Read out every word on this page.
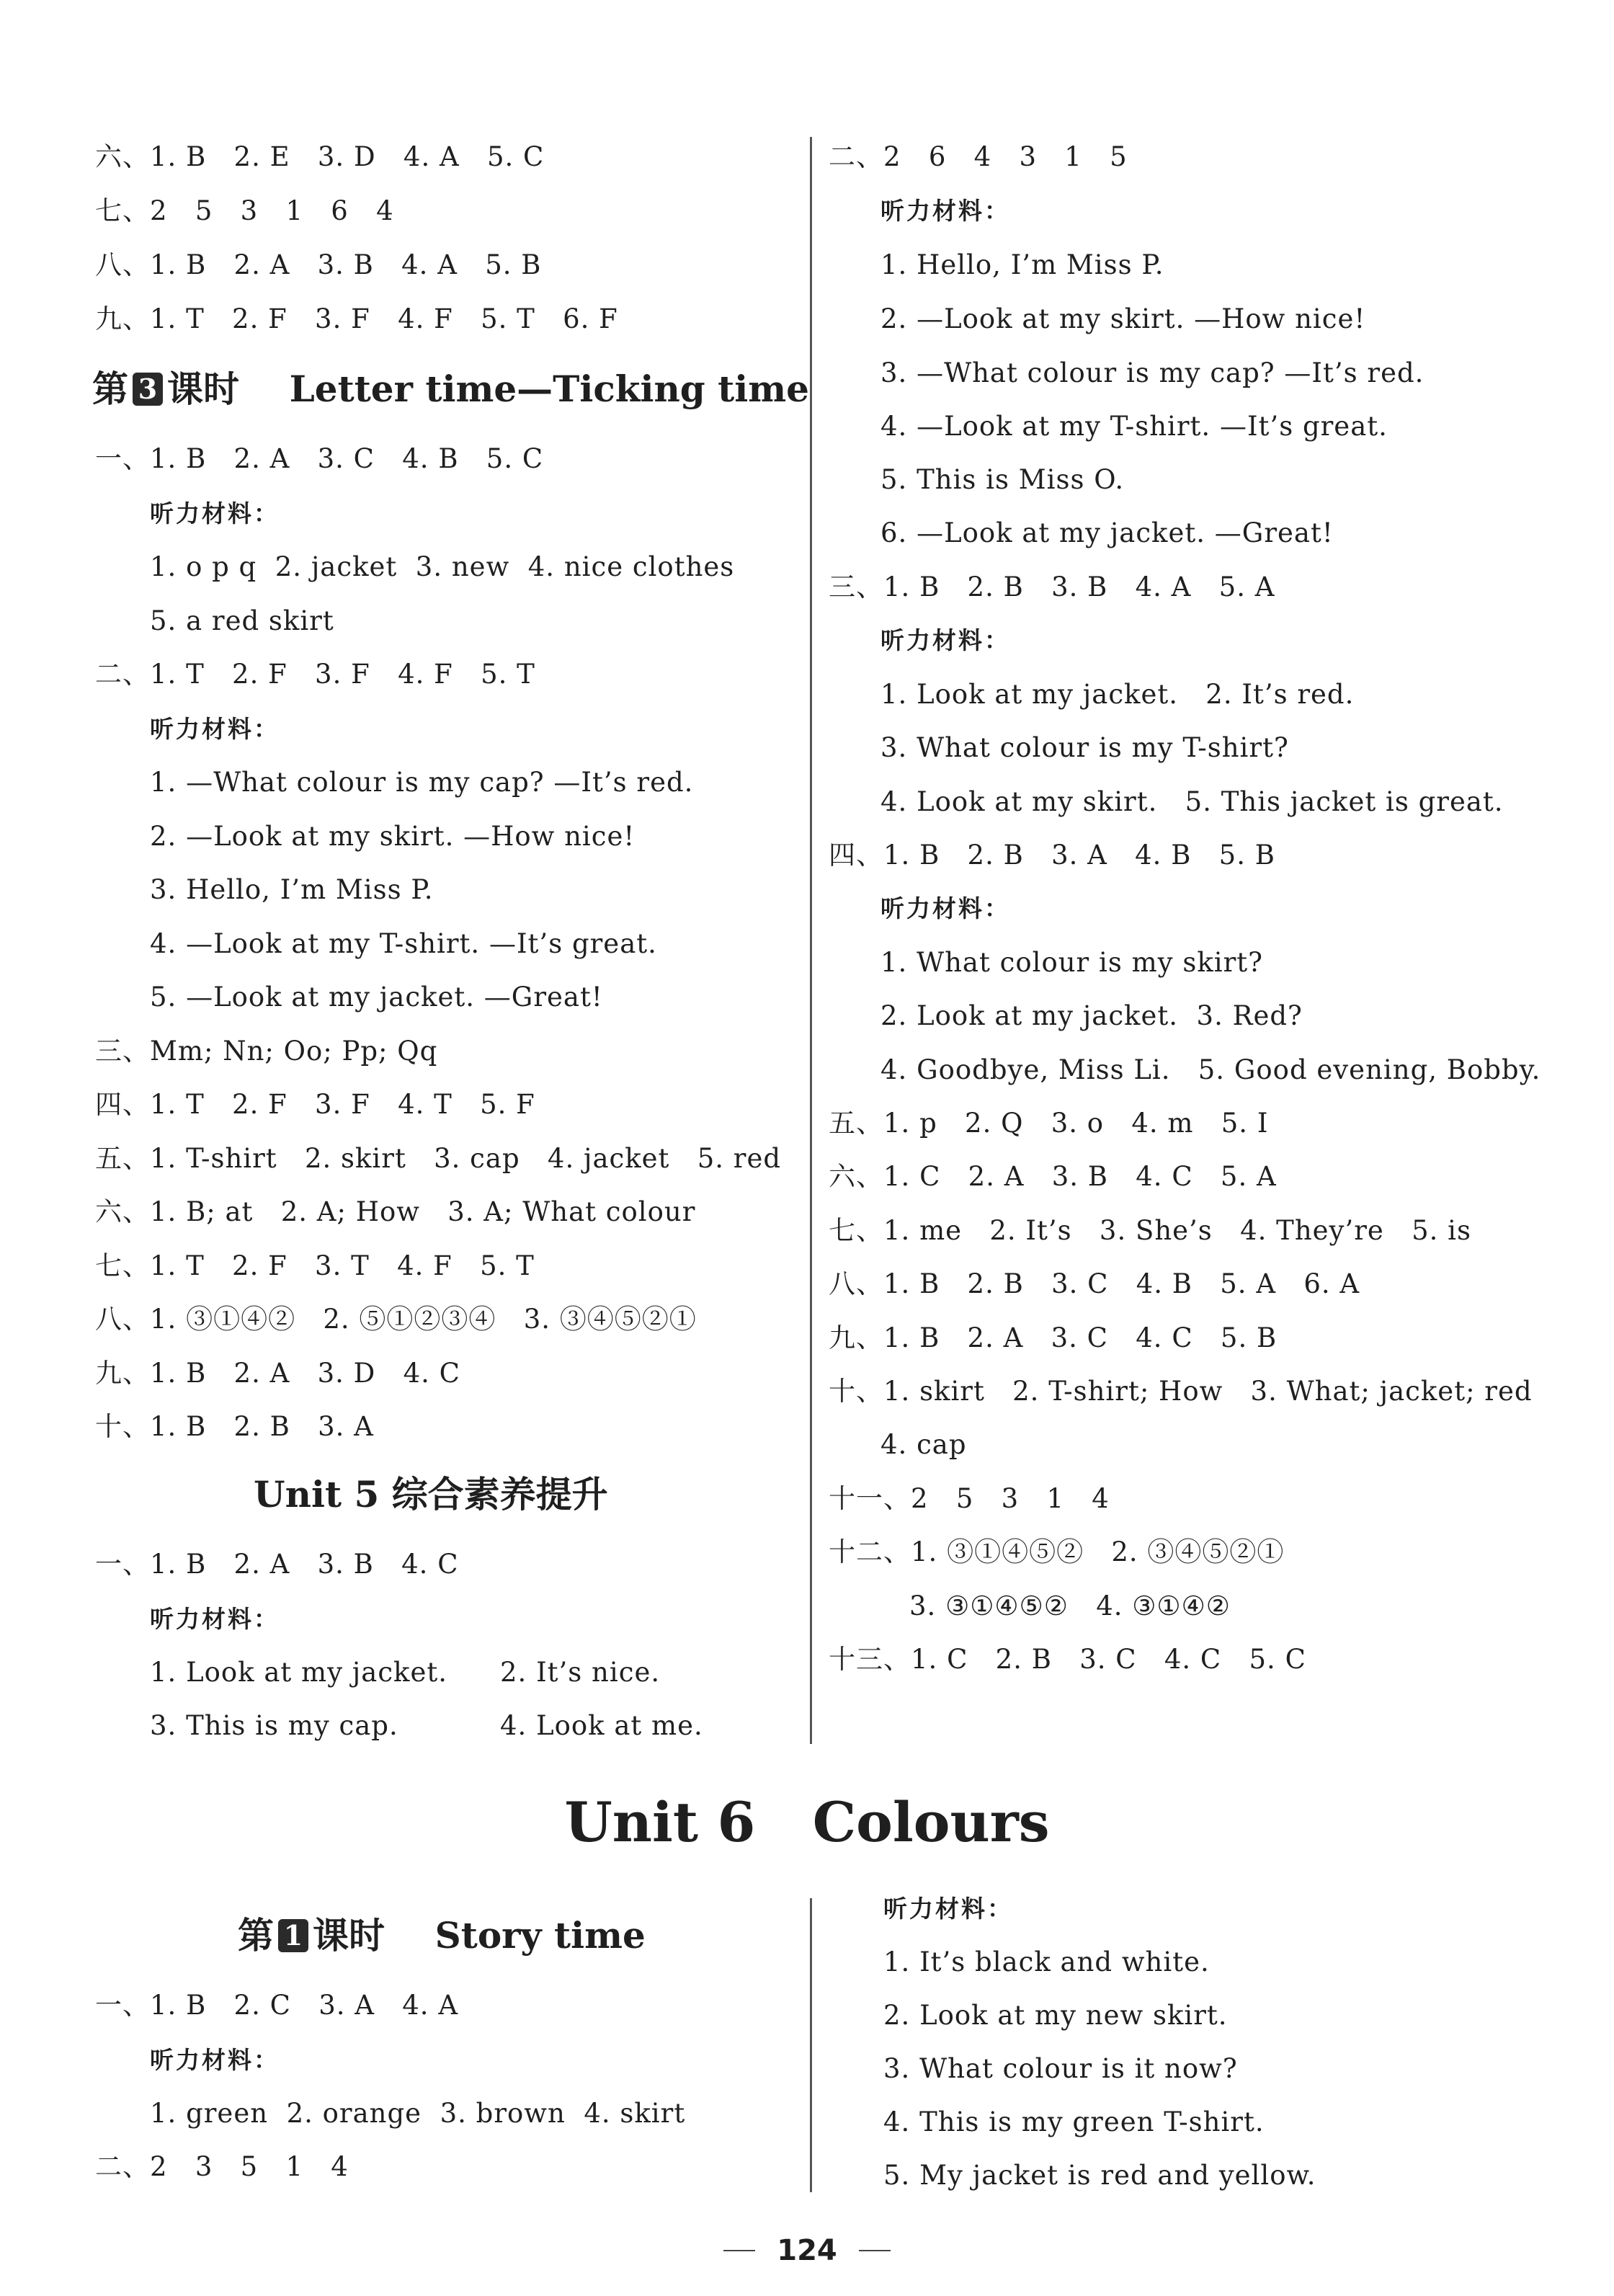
六、1. B   2. E   3. D   4. A   5. C
七、2   5   3   1   6   4
八、1. B   2. A   3. B   4. A   5. B
九、1. T   2. F   3. F   4. F   5. T   6. F
第 3 课时    Letter time—Ticking time
一、1. B   2. A   3. C   4. B   5. C
听力材料：
1. o p q  2. jacket  3. new  4. nice clothes
5. a red skirt
二、1. T   2. F   3. F   4. F   5. T
听力材料：
1. —What colour is my cap? —It’s red.
2. —Look at my skirt. —How nice!
3. Hello, I’m Miss P.
4. —Look at my T-shirt. —It’s great.
5. —Look at my jacket. —Great!
三、Mm; Nn; Oo; Pp; Qq
四、1. T   2. F   3. F   4. T   5. F
五、1. T-shirt   2. skirt   3. cap   4. jacket   5. red
六、1. B; at   2. A; How   3. A; What colour
七、1. T   2. F   3. T   4. F   5. T
八、1. ③①④②   2. ⑤①②③④   3. ③④⑤②①
九、1. B   2. A   3. D   4. C
十、1. B   2. B   3. A
Unit 5 综合素养提升
一、1. B   2. A   3. B   4. C
听力材料：
1. Look at my jacket. 2. It’s nice.
3. This is my cap.	4. Look at me.
二、2   6   4   3   1   5
听力材料：
1. Hello, I’m Miss P.
2. —Look at my skirt. —How nice!
3. —What colour is my cap? —It’s red.
4. —Look at my T-shirt. —It’s great.
5. This is Miss O.
6. —Look at my jacket. —Great!
三、1. B   2. B   3. B   4. A   5. A
听力材料：
1. Look at my jacket.   2. It’s red.
3. What colour is my T-shirt?
4. Look at my skirt.   5. This jacket is great.
四、1. B   2. B   3. A   4. B   5. B
听力材料：
1. What colour is my skirt?
2. Look at my jacket.  3. Red?
4. Goodbye, Miss Li.   5. Good evening, Bobby.
五、1. p   2. Q   3. o   4. m   5. I
六、1. C   2. A   3. B   4. C   5. A
七、1. me   2. It’s   3. She’s   4. They’re   5. is
八、1. B   2. B   3. C   4. B   5. A   6. A
九、1. B   2. A   3. C   4. C   5. B
十、1. skirt   2. T-shirt; How   3. What; jacket; red
4. cap
十一、2   5   3   1   4
十二、1. ③①④⑤②   2. ③④⑤②①
3. ③①④⑤②   4. ③①④②
十三、1. C   2. B   3. C   4. C   5. C
Unit 6   Colours
第 1 课时    Story time
一、1. B   2. C   3. A   4. A
听力材料：
1. green  2. orange  3. brown  4. skirt
二、2   3   5   1   4
听力材料：
1. It’s black and white.
2. Look at my new skirt.
3. What colour is it now?
4. This is my green T-shirt.
5. My jacket is red and yellow.
124
